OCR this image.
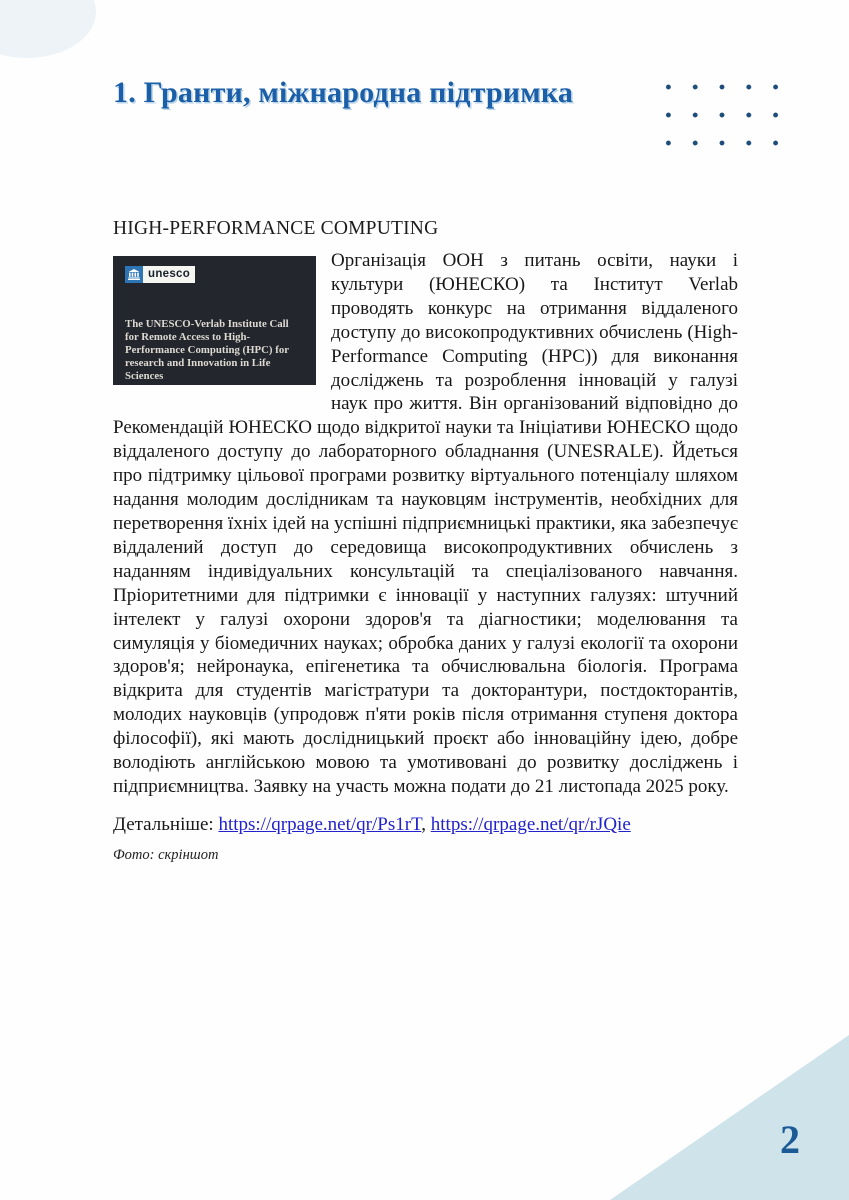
1. Гранти, міжнародна підтримка
HIGH-PERFORMANCE COMPUTING
unesco
The UNESCO-Verlab Institute Call for Remote Access to High-Performance Computing (HPC) for research and Innovation in Life Sciences
Організація ООН з питань освіти, науки і культури (ЮНЕСКО) та Інститут Verlab проводять конкурс на отримання віддаленого доступу до високопродуктивних обчислень (High-Performance Computing (HPC)) для виконання досліджень та розроблення інновацій у галузі наук про життя. Він організований відповідно до Рекомендацій ЮНЕСКО щодо відкритої науки та Ініціативи ЮНЕСКО щодо віддаленого доступу до лабораторного обладнання (UNESRALE). Йдеться про підтримку цільової програми розвитку віртуального потенціалу шляхом надання молодим дослідникам та науковцям інструментів, необхідних для перетворення їхніх ідей на успішні підприємницькі практики, яка забезпечує віддалений доступ до середовища високопродуктивних обчислень з наданням індивідуальних консультацій та спеціалізованого навчання. Пріоритетними для підтримки є інновації у наступних галузях: штучний інтелект у галузі охорони здоров'я та діагностики; моделювання та симуляція у біомедичних науках; обробка даних у галузі екології та охорони здоров'я; нейронаука, епігенетика та обчислювальна біологія. Програма відкрита для студентів магістратури та докторантури, постдокторантів, молодих науковців (упродовж п'яти років після отримання ступеня доктора філософії), які мають дослідницький проєкт або інноваційну ідею, добре володіють англійською мовою та умотивовані до розвитку досліджень і підприємництва. Заявку на участь можна подати до 21 листопада 2025 року.

Детальніше: https://qrpage.net/qr/Ps1rT, https://qrpage.net/qr/rJQie

Фото: скріншот

2
